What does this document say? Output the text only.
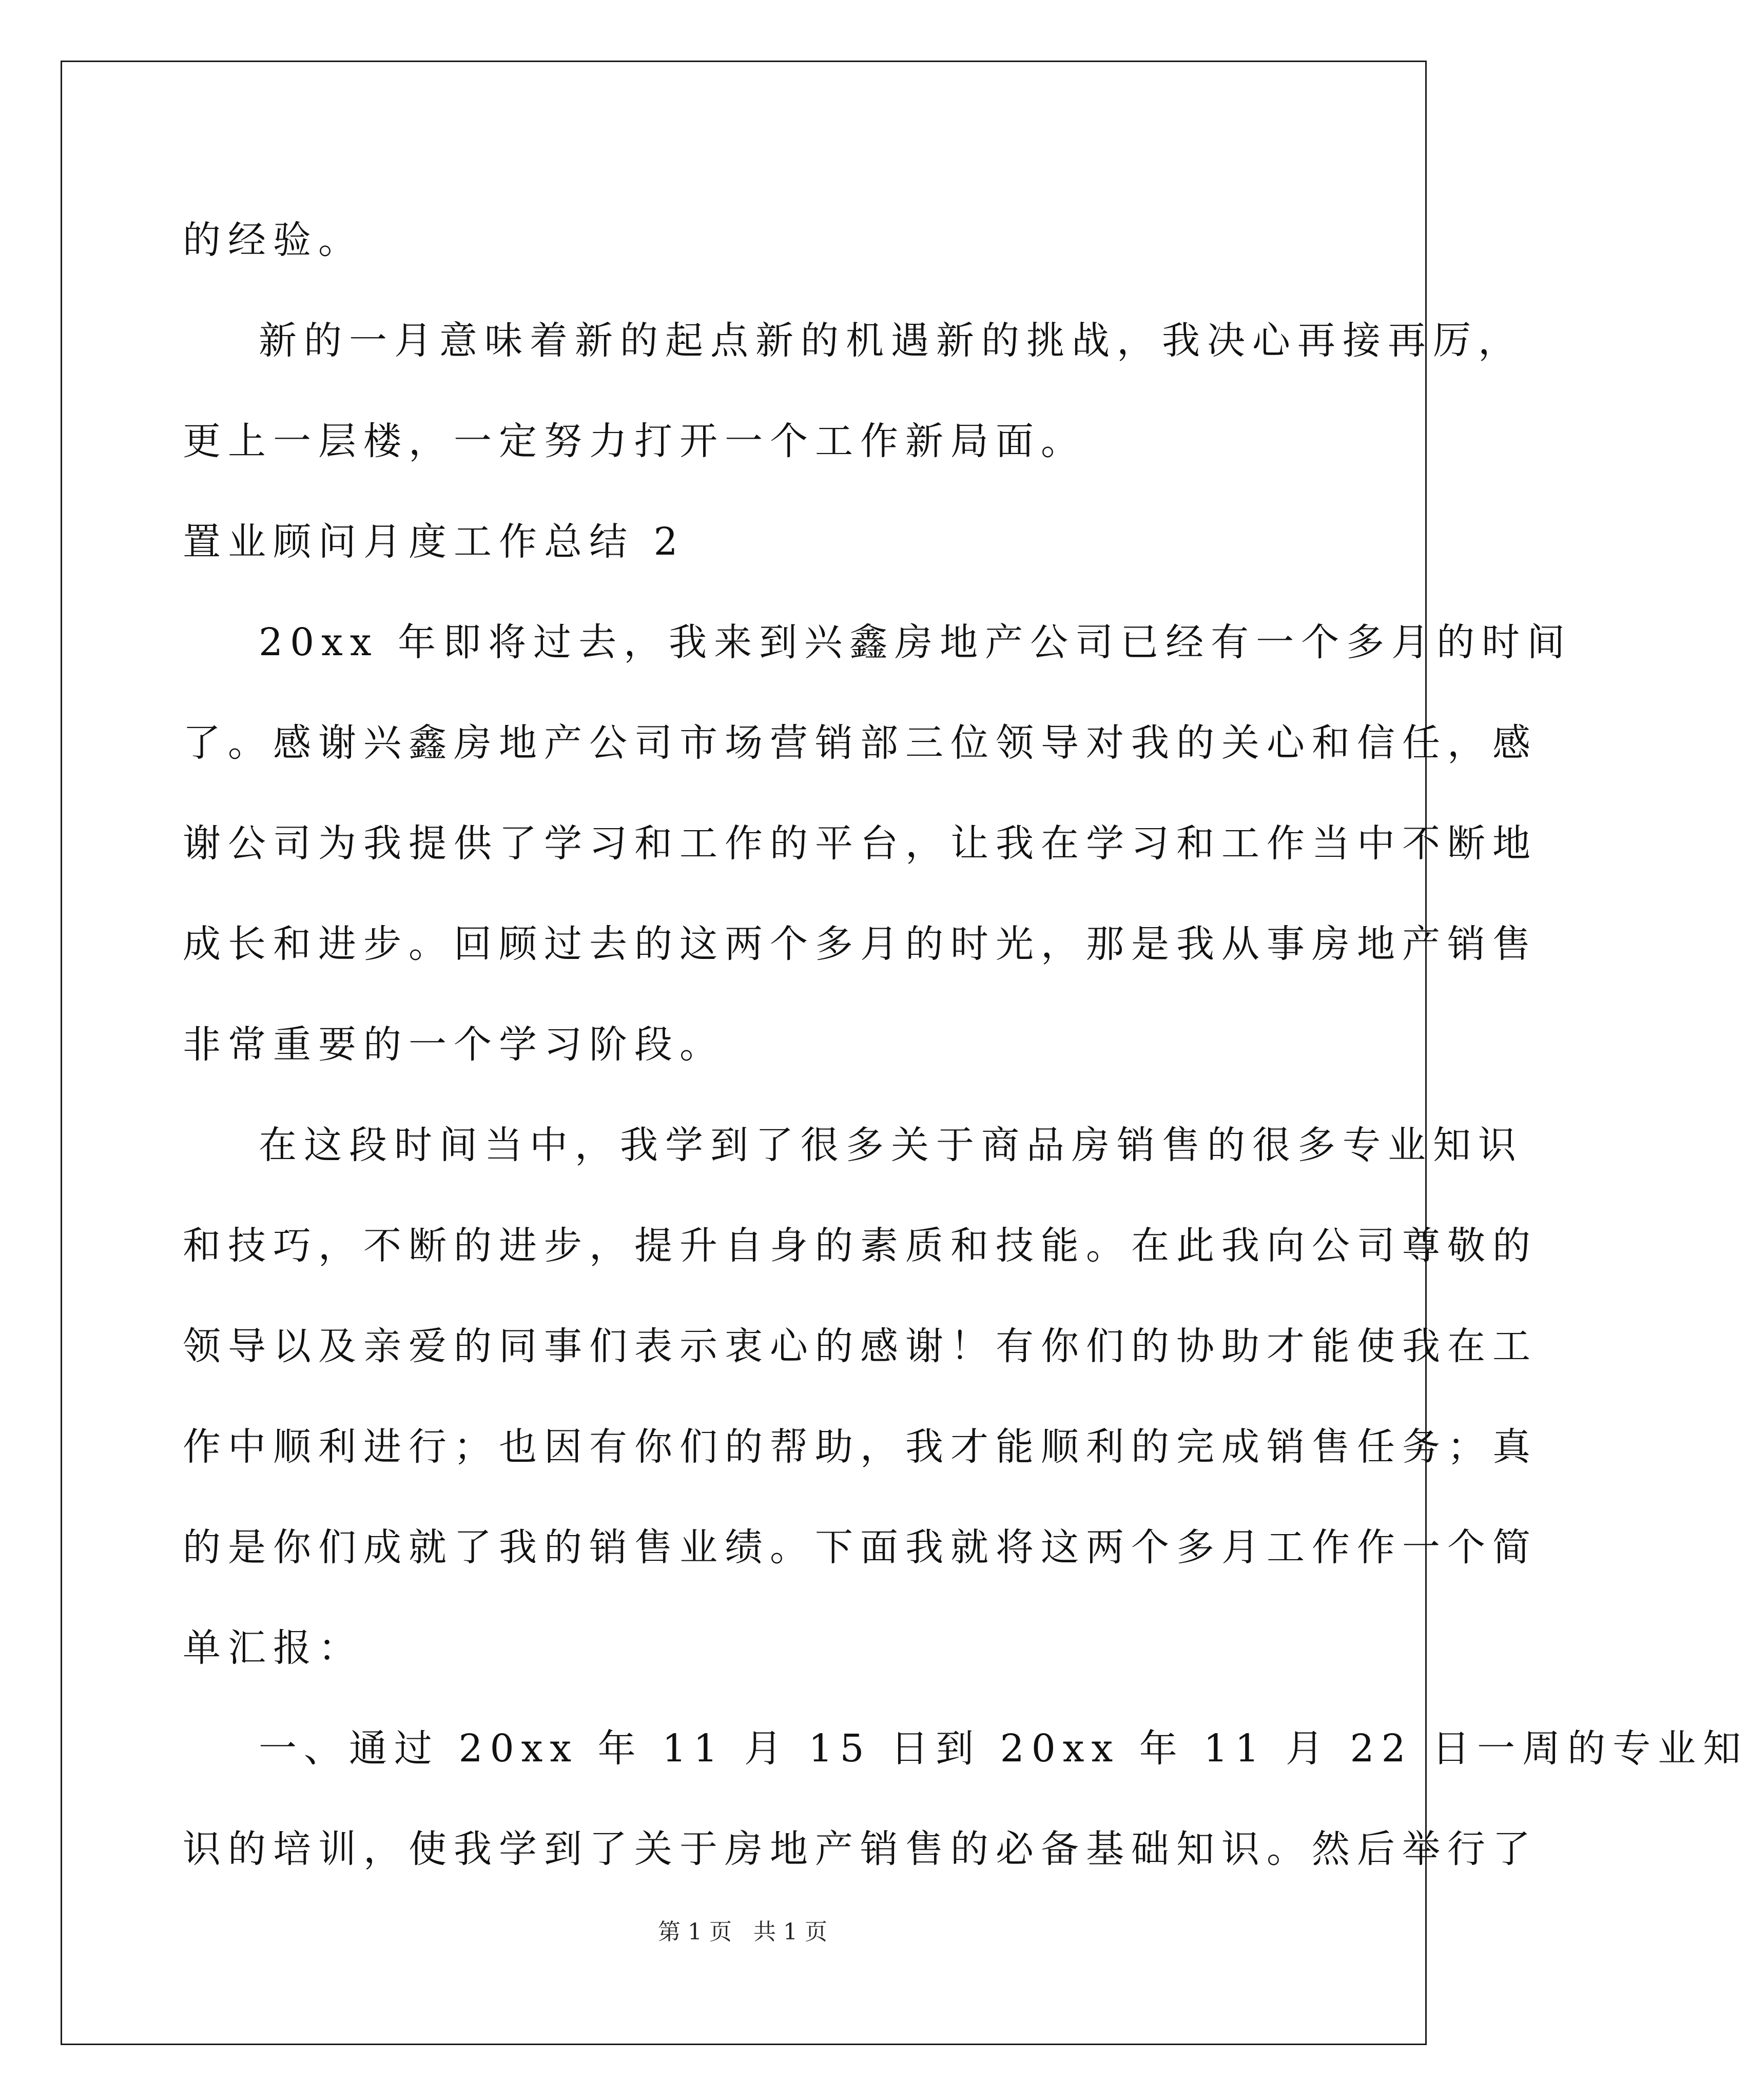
的经验。
新的一月意味着新的起点新的机遇新的挑战，我决心再接再厉，
更上一层楼，一定努力打开一个工作新局面。
置业顾问月度工作总结 2
20xx 年即将过去，我来到兴鑫房地产公司已经有一个多月的时间
了。感谢兴鑫房地产公司市场营销部三位领导对我的关心和信任，感
谢公司为我提供了学习和工作的平台，让我在学习和工作当中不断地
成长和进步。回顾过去的这两个多月的时光，那是我从事房地产销售
非常重要的一个学习阶段。
在这段时间当中，我学到了很多关于商品房销售的很多专业知识
和技巧，不断的进步，提升自身的素质和技能。在此我向公司尊敬的
领导以及亲爱的同事们表示衷心的感谢！有你们的协助才能使我在工
作中顺利进行；也因有你们的帮助，我才能顺利的完成销售任务；真
的是你们成就了我的销售业绩。下面我就将这两个多月工作作一个简
单汇报：
一、通过 20xx 年 11 月 15 日到 20xx 年 11 月 22 日一周的专业知
识的培训，使我学到了关于房地产销售的必备基础知识。然后举行了
第 1 页   共 1 页
